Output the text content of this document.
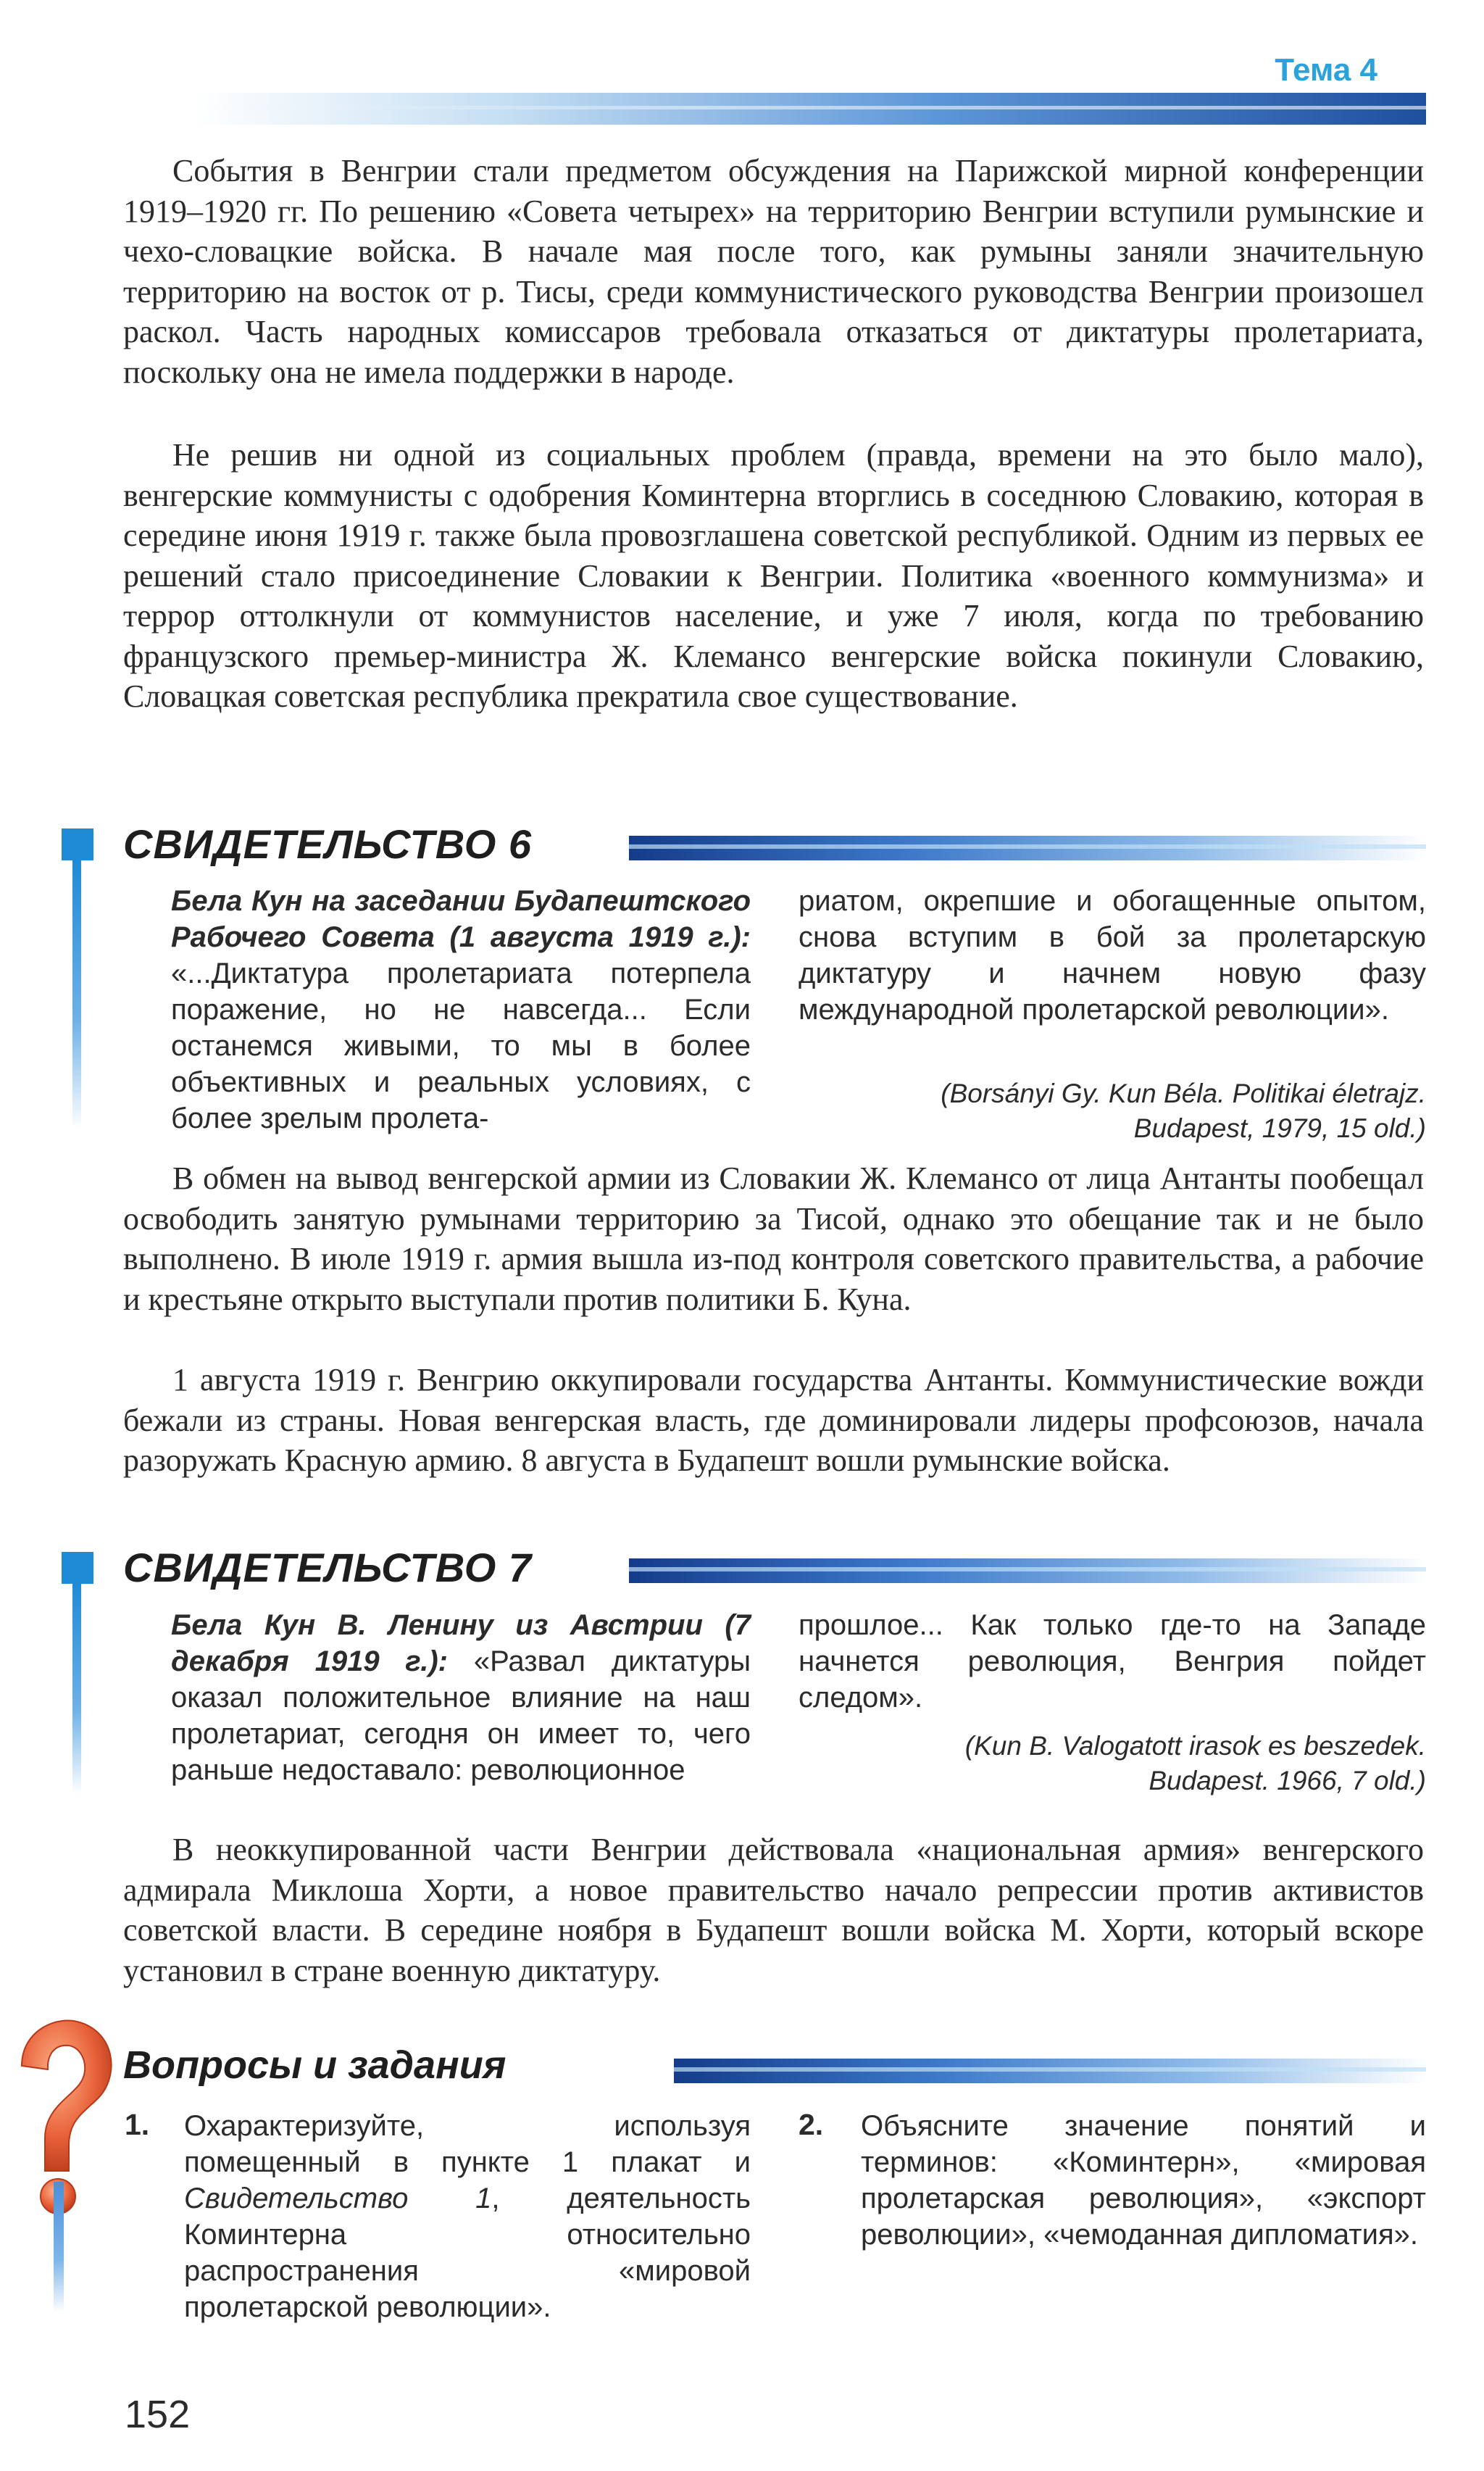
Тема 4

События в Венгрии стали предметом обсуждения на Парижской мирной конференции 1919–1920 гг. По решению «Совета четырех» на территорию Венгрии вступили румынские и чехо-словацкие войска. В начале мая после того, как румыны заняли значительную территорию на восток от р. Тисы, среди коммунистического руководства Венгрии произошел раскол. Часть народных комиссаров требовала отказаться от диктатуры пролетариата, поскольку она не имела поддержки в народе.

Не решив ни одной из социальных проблем (правда, времени на это было мало), венгерские коммунисты с одобрения Коминтерна вторглись в соседнюю Словакию, которая в середине июня 1919 г. также была провозглашена советской республикой. Одним из первых ее решений стало присоединение Словакии к Венгрии. Политика «военного коммунизма» и террор оттолкнули от коммунистов население, и уже 7 июля, когда по требованию французского премьер-министра Ж. Клемансо венгерские войска покинули Словакию, Словацкая советская республика прекратила свое существование.

СВИДЕТЕЛЬСТВО 6

Бела Кун на заседании Будапештского Рабочего Совета (1 августа 1919 г.): «...Диктатура пролетариата потерпела поражение, но не навсегда... Если останемся живыми, то мы в более объективных и реальных условиях, с более зрелым пролета-

риатом, окрепшие и обогащенные опытом, снова вступим в бой за пролетарскую диктатуру и начнем новую фазу международной пролетарской революции».

(Borsányi Gy. Kun Béla. Politikai életrajz. Budapest, 1979, 15 old.)

В обмен на вывод венгерской армии из Словакии Ж. Клемансо от лица Антанты пообещал освободить занятую румынами территорию за Тисой, однако это обещание так и не было выполнено. В июле 1919 г. армия вышла из-под контроля советского правительства, а рабочие и крестьяне открыто выступали против политики Б. Куна.

1 августа 1919 г. Венгрию оккупировали государства Антанты. Коммунистические вожди бежали из страны. Новая венгерская власть, где доминировали лидеры профсоюзов, начала разоружать Красную армию. 8 августа в Будапешт вошли румынские войска.

СВИДЕТЕЛЬСТВО 7

Бела Кун В. Ленину из Австрии (7 декабря 1919 г.): «Развал диктатуры оказал положительное влияние на наш пролетариат, сегодня он имеет то, чего раньше недоставало: революционное

прошлое... Как только где-то на Западе начнется революция, Венгрия пойдет следом».

(Kun B. Valogatott irasok es beszedek. Budapest. 1966, 7 old.)

В неоккупированной части Венгрии действовала «национальная армия» венгерского адмирала Миклоша Хорти, а новое правительство начало репрессии против активистов советской власти. В середине ноября в Будапешт вошли войска М. Хорти, который вскоре установил в стране военную диктатуру.

Вопросы и задания
1. Охарактеризуйте, используя помещенный в пункте 1 плакат и Свидетельство 1, деятельность Коминтерна относительно распространения «мировой пролетарской революции».

2. Объясните значение понятий и терминов: «Коминтерн», «мировая пролетарская революция», «экспорт революции», «чемоданная дипломатия».

152
